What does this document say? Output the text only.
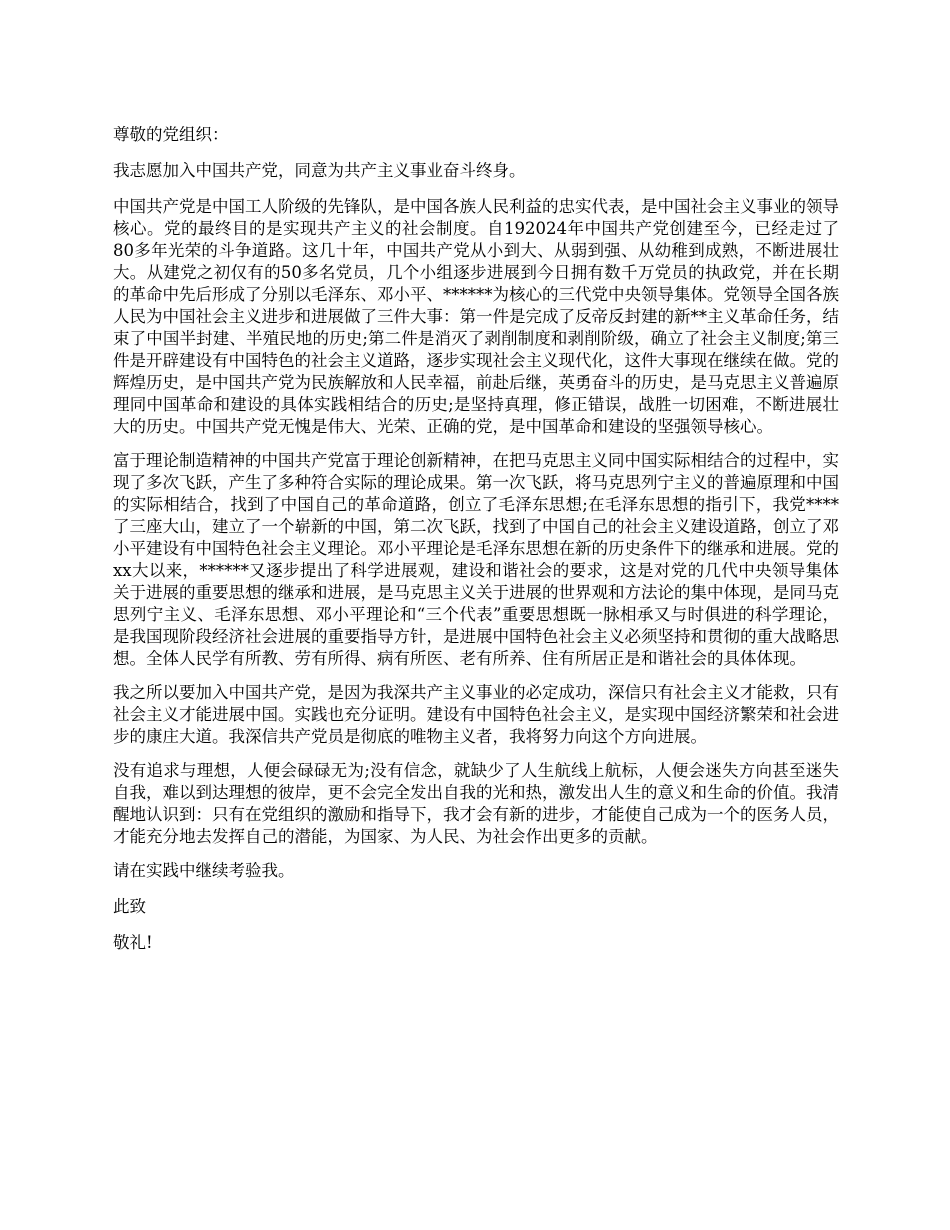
尊敬的党组织：

我志愿加入中国共产党，同意为共产主义事业奋斗终身。

中国共产党是中国工人阶级的先锋队，是中国各族人民利益的忠实代表，是中国社会主义事业的领导核心。党的最终目的是实现共产主义的社会制度。自192024年中国共产党创建至今，已经走过了80多年光荣的斗争道路。这几十年，中国共产党从小到大、从弱到强、从幼稚到成熟，不断进展壮大。从建党之初仅有的50多名党员，几个小组逐步进展到今日拥有数千万党员的执政党，并在长期的革命中先后形成了分别以毛泽东、邓小平、******为核心的三代党中央领导集体。党领导全国各族人民为中国社会主义进步和进展做了三件大事：第一件是完成了反帝反封建的新**主义革命任务，结束了中国半封建、半殖民地的历史;第二件是消灭了剥削制度和剥削阶级，确立了社会主义制度;第三件是开辟建设有中国特色的社会主义道路，逐步实现社会主义现代化，这件大事现在继续在做。党的辉煌历史，是中国共产党为民族解放和人民幸福，前赴后继，英勇奋斗的历史，是马克思主义普遍原理同中国革命和建设的具体实践相结合的历史;是坚持真理，修正错误，战胜一切困难，不断进展壮大的历史。中国共产党无愧是伟大、光荣、正确的党，是中国革命和建设的坚强领导核心。

富于理论制造精神的中国共产党富于理论创新精神，在把马克思主义同中国实际相结合的过程中，实现了多次飞跃，产生了多种符合实际的理论成果。第一次飞跃，将马克思列宁主义的普遍原理和中国的实际相结合，找到了中国自己的革命道路，创立了毛泽东思想;在毛泽东思想的指引下，我党****了三座大山，建立了一个崭新的中国，第二次飞跃，找到了中国自己的社会主义建设道路，创立了邓小平建设有中国特色社会主义理论。邓小平理论是毛泽东思想在新的历史条件下的继承和进展。党的xx大以来，******又逐步提出了科学进展观，建设和谐社会的要求，这是对党的几代中央领导集体关于进展的重要思想的继承和进展，是马克思主义关于进展的世界观和方法论的集中体现，是同马克思列宁主义、毛泽东思想、邓小平理论和“三个代表”重要思想既一脉相承又与时俱进的科学理论，是我国现阶段经济社会进展的重要指导方针，是进展中国特色社会主义必须坚持和贯彻的重大战略思想。全体人民学有所教、劳有所得、病有所医、老有所养、住有所居正是和谐社会的具体体现。

我之所以要加入中国共产党，是因为我深共产主义事业的必定成功，深信只有社会主义才能救，只有社会主义才能进展中国。实践也充分证明。建设有中国特色社会主义，是实现中国经济繁荣和社会进步的康庄大道。我深信共产党员是彻底的唯物主义者，我将努力向这个方向进展。

没有追求与理想，人便会碌碌无为;没有信念，就缺少了人生航线上航标，人便会迷失方向甚至迷失自我，难以到达理想的彼岸，更不会完全发出自我的光和热，激发出人生的意义和生命的价值。我清醒地认识到：只有在党组织的激励和指导下，我才会有新的进步，才能使自己成为一个的医务人员，才能充分地去发挥自己的潜能，为国家、为人民、为社会作出更多的贡献。

请在实践中继续考验我。

此致

敬礼!
